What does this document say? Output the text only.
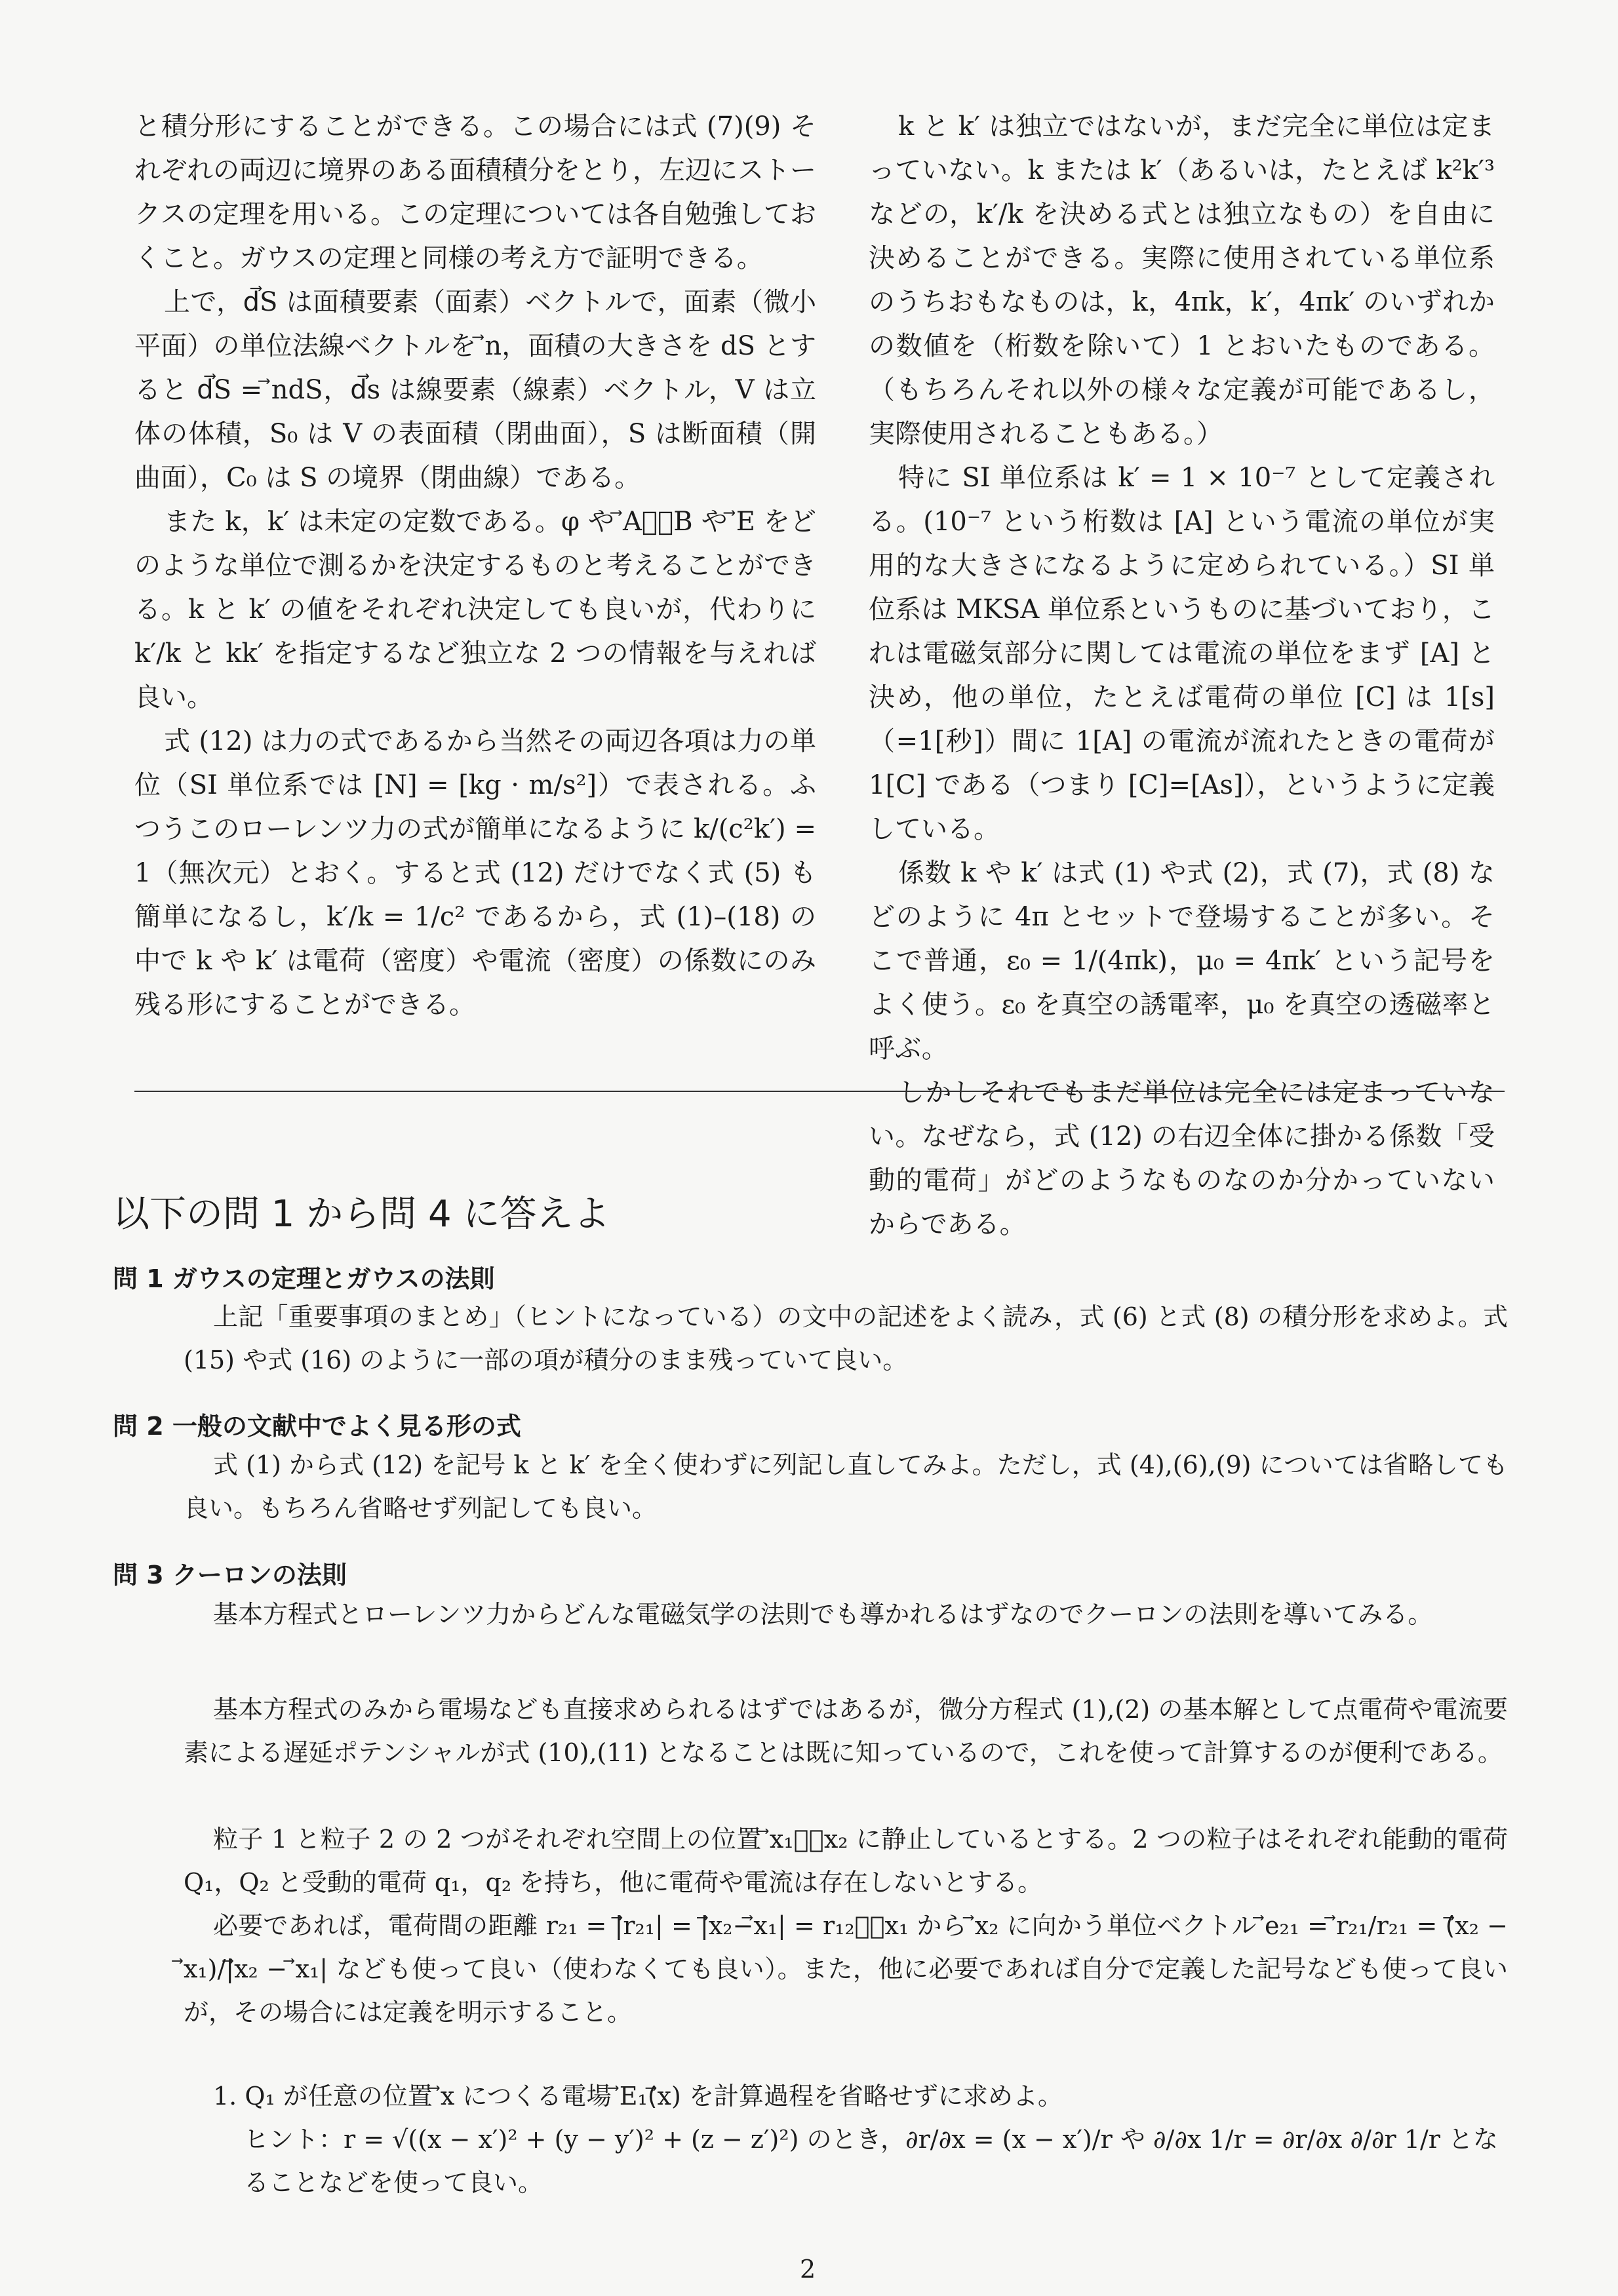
と積分形にすることができる。この場合には式 (7)(9) それぞれの両辺に境界のある面積積分をとり，左辺にストークスの定理を用いる。この定理については各自勉強しておくこと。ガウスの定理と同様の考え方で証明できる。

上で，d⃗S は面積要素（面素）ベクトルで，面素（微小平面）の単位法線ベクトルを ⃗n，面積の大きさを dS とすると d⃗S = ⃗ndS，d⃗s は線要素（線素）ベクトル，V は立体の体積，S₀ は V の表面積（閉曲面），S は断面積（開曲面），C₀ は S の境界（閉曲線）である。

また k，k′ は未定の定数である。φ や ⃗A，⃗B や ⃗E をどのような単位で測るかを決定するものと考えることができる。k と k′ の値をそれぞれ決定しても良いが，代わりに k′/k と kk′ を指定するなど独立な 2 つの情報を与えれば良い。

式 (12) は力の式であるから当然その両辺各項は力の単位（SI 単位系では [N] = [kg · m/s²]）で表される。ふつうこのローレンツ力の式が簡単になるように k/(c²k′) = 1（無次元）とおく。すると式 (12) だけでなく式 (5) も簡単になるし，k′/k = 1/c² であるから，式 (1)–(18) の中で k や k′ は電荷（密度）や電流（密度）の係数にのみ残る形にすることができる。

k と k′ は独立ではないが，まだ完全に単位は定まっていない。k または k′（あるいは，たとえば k²k′³ などの，k′/k を決める式とは独立なもの）を自由に決めることができる。実際に使用されている単位系のうちおもなものは，k，4πk，k′，4πk′ のいずれかの数値を（桁数を除いて）1 とおいたものである。（もちろんそれ以外の様々な定義が可能であるし，実際使用されることもある。）

特に SI 単位系は k′ = 1 × 10⁻⁷ として定義される。(10⁻⁷ という桁数は [A] という電流の単位が実用的な大きさになるように定められている。）SI 単位系は MKSA 単位系というものに基づいており，これは電磁気部分に関しては電流の単位をまず [A] と決め，他の単位，たとえば電荷の単位 [C] は 1[s]（=1[秒]）間に 1[A] の電流が流れたときの電荷が 1[C] である（つまり [C]=[As]），というように定義している。

係数 k や k′ は式 (1) や式 (2)，式 (7)，式 (8) などのように 4π とセットで登場することが多い。そこで普通，ε₀ = 1/(4πk)，μ₀ = 4πk′ という記号をよく使う。ε₀ を真空の誘電率，μ₀ を真空の透磁率と呼ぶ。

しかしそれでもまだ単位は完全には定まっていない。なぜなら，式 (12) の右辺全体に掛かる係数「受動的電荷」がどのようなものなのか分かっていないからである。

以下の問 1 から問 4 に答えよ
問 1 ガウスの定理とガウスの法則

上記「重要事項のまとめ」（ヒントになっている）の文中の記述をよく読み，式 (6) と式 (8) の積分形を求めよ。式 (15) や式 (16) のように一部の項が積分のまま残っていて良い。

問 2 一般の文献中でよく見る形の式

式 (1) から式 (12) を記号 k と k′ を全く使わずに列記し直してみよ。ただし，式 (4),(6),(9) については省略しても良い。もちろん省略せず列記しても良い。

問 3 クーロンの法則

基本方程式とローレンツ力からどんな電磁気学の法則でも導かれるはずなのでクーロンの法則を導いてみる。

基本方程式のみから電場なども直接求められるはずではあるが，微分方程式 (1),(2) の基本解として点電荷や電流要素による遅延ポテンシャルが式 (10),(11) となることは既に知っているので，これを使って計算するのが便利である。

粒子 1 と粒子 2 の 2 つがそれぞれ空間上の位置 ⃗x₁，⃗x₂ に静止しているとする。2 つの粒子はそれぞれ能動的電荷 Q₁，Q₂ と受動的電荷 q₁，q₂ を持ち，他に電荷や電流は存在しないとする。

必要であれば，電荷間の距離 r₂₁ = |⃗r₂₁| = |⃗x₂−⃗x₁| = r₁₂，⃗x₁ から ⃗x₂ に向かう単位ベクトル ⃗e₂₁ = ⃗r₂₁/r₂₁ = (⃗x₂ − ⃗x₁)/|⃗x₂ − ⃗x₁| なども使って良い（使わなくても良い）。また，他に必要であれば自分で定義した記号なども使って良いが，その場合には定義を明示すること。

1. Q₁ が任意の位置 ⃗x につくる電場 ⃗E₁(⃗x) を計算過程を省略せずに求めよ。

ヒント：r = √((x − x′)² + (y − y′)² + (z − z′)²) のとき，∂r/∂x = (x − x′)/r や ∂/∂x 1/r = ∂r/∂x ∂/∂r 1/r となることなどを使って良い。

2
